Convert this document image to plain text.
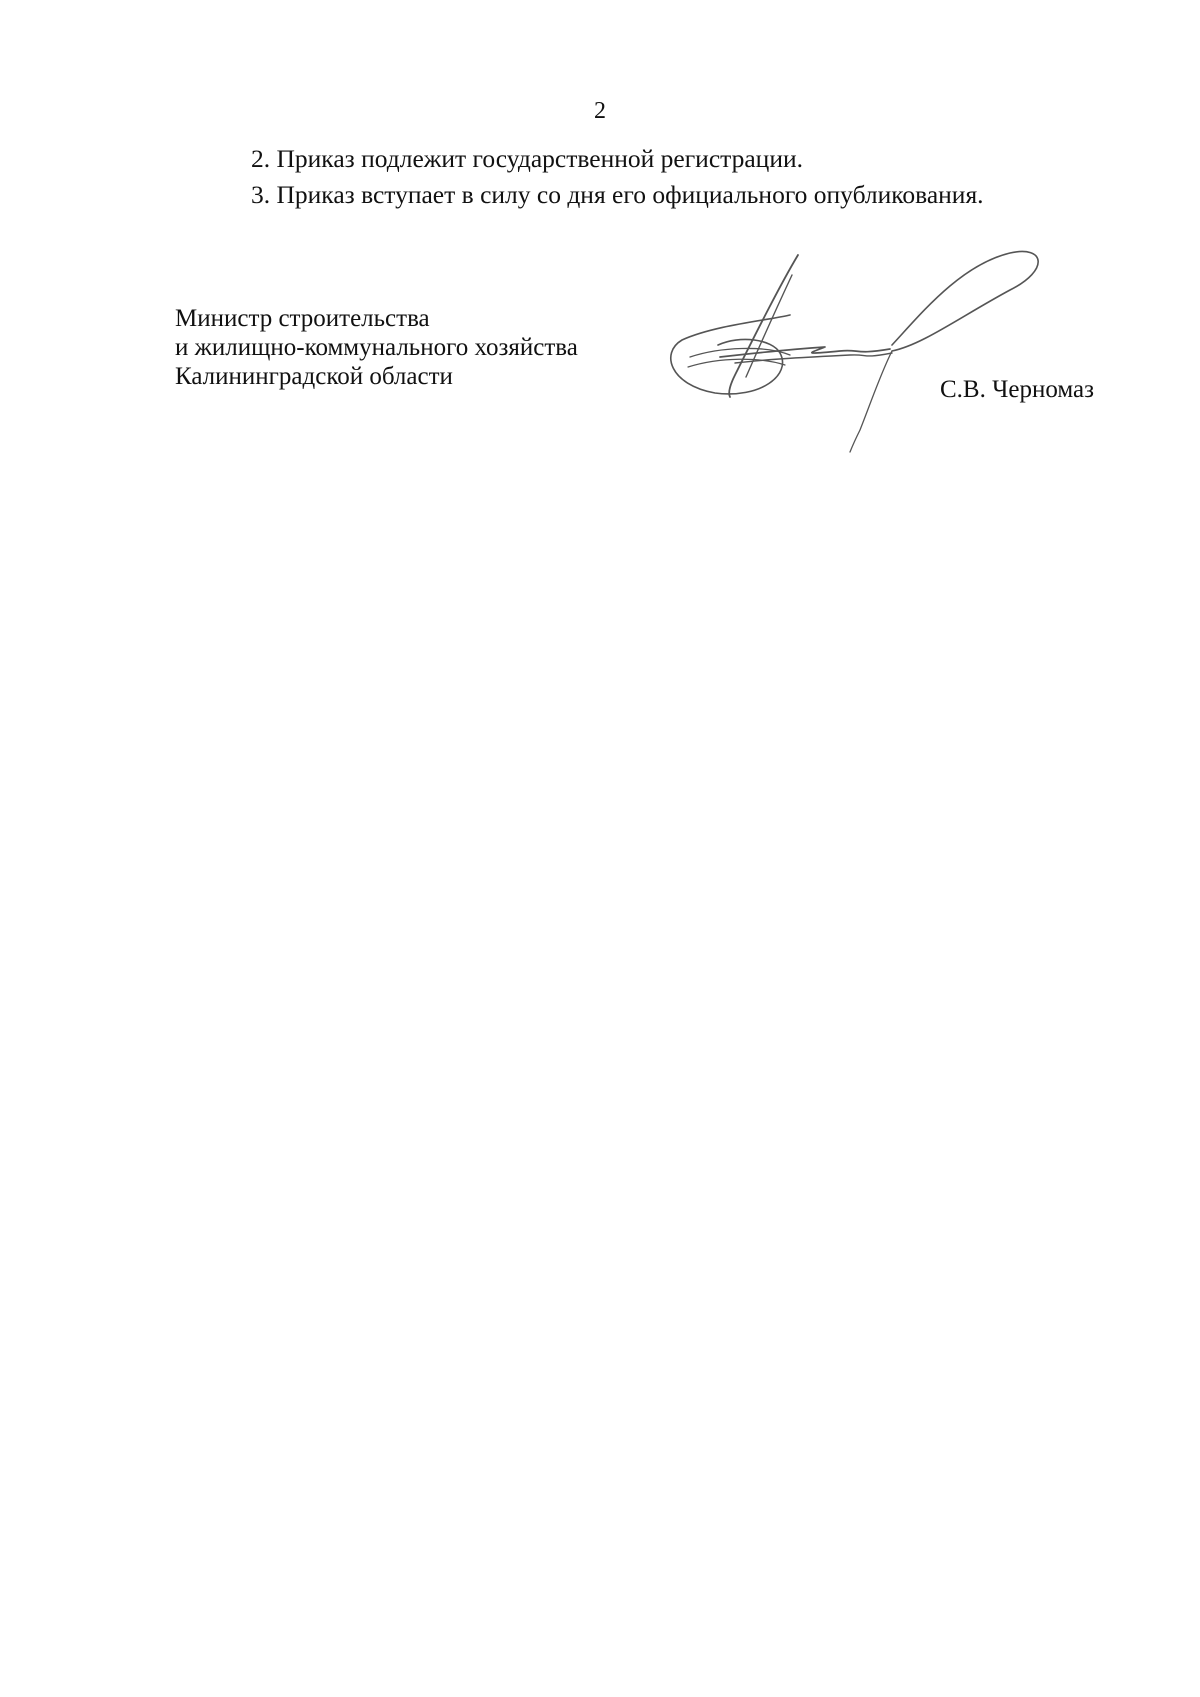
2
2. Приказ подлежит государственной регистрации.
3. Приказ вступает в силу со дня его официального опубликования.
Министр строительства
и жилищно-коммунального хозяйства
Калининградской области	С.В. Черномаз
